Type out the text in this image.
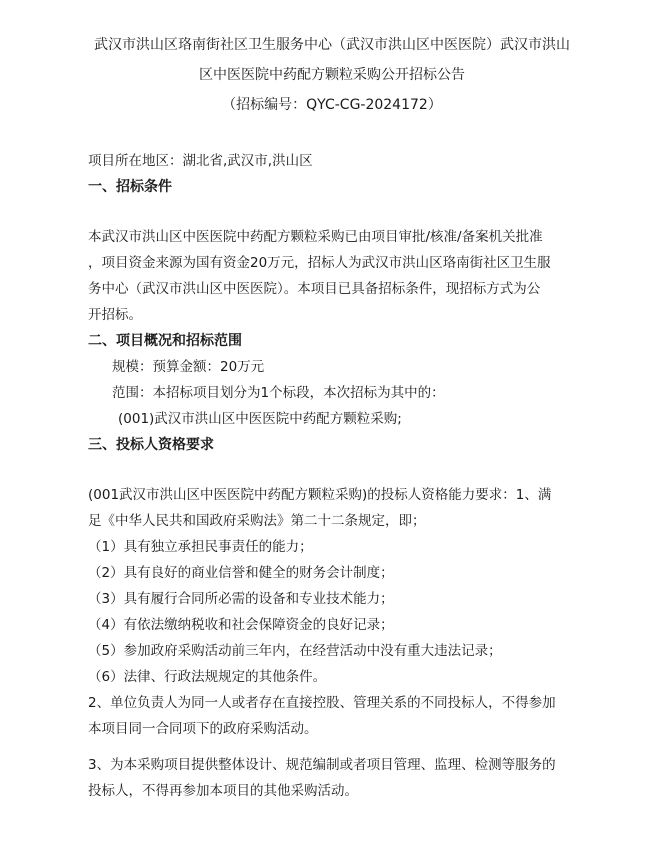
武汉市洪山区珞南街社区卫生服务中心（武汉市洪山区中医医院）武汉市洪山
区中医医院中药配方颗粒采购公开招标公告
（招标编号：QYC-CG-2024172）
项目所在地区：湖北省,武汉市,洪山区
一、招标条件
本武汉市洪山区中医医院中药配方颗粒采购已由项目审批/核准/备案机关批准
，项目资金来源为国有资金20万元，招标人为武汉市洪山区珞南街社区卫生服
务中心（武汉市洪山区中医医院）。本项目已具备招标条件，现招标方式为公
开招标。
二、项目概况和招标范围
规模：预算金额：20万元
范围：本招标项目划分为1个标段，本次招标为其中的：
(001)武汉市洪山区中医医院中药配方颗粒采购;
三、投标人资格要求
(001武汉市洪山区中医医院中药配方颗粒采购)的投标人资格能力要求：1、满
足《中华人民共和国政府采购法》第二十二条规定，即；
（1）具有独立承担民事责任的能力；
（2）具有良好的商业信誉和健全的财务会计制度；
（3）具有履行合同所必需的设备和专业技术能力；
（4）有依法缴纳税收和社会保障资金的良好记录；
（5）参加政府采购活动前三年内，在经营活动中没有重大违法记录；
（6）法律、行政法规规定的其他条件。
2、单位负责人为同一人或者存在直接控股、管理关系的不同投标人，不得参加
本项目同一合同项下的政府采购活动。
3、为本采购项目提供整体设计、规范编制或者项目管理、监理、检测等服务的
投标人，不得再参加本项目的其他采购活动。
